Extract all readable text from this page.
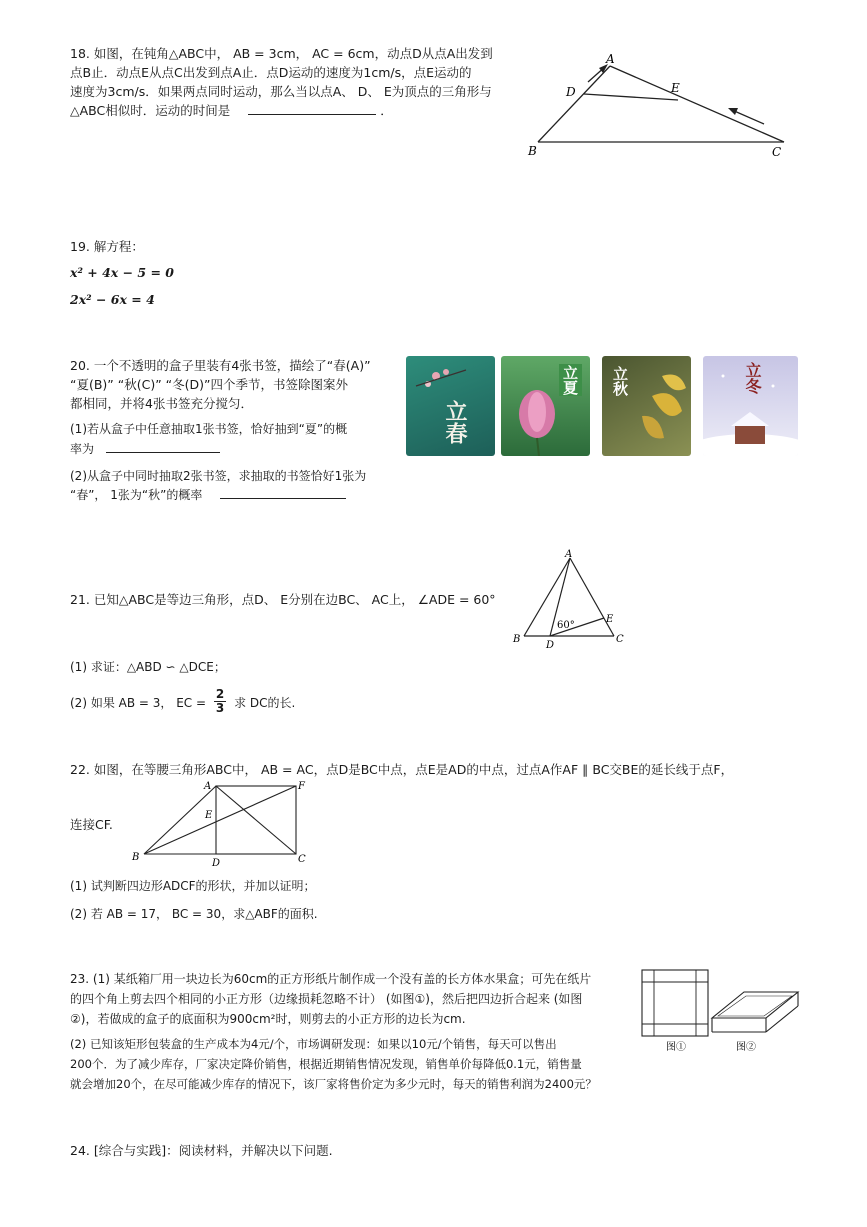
18. 如图，在钝角△ABC中， AB = 3cm， AC = 6cm，动点D从点A出发到
点B止．动点E从点C出发到点A止．点D运动的速度为1cm/s，点E运动的
速度为3cm/s．如果两点同时运动，那么当以点A、 D、 E为顶点的三角形与
△ABC相似时．运动的时间是	．
A
B	C
D	E
19. 解方程：
x² + 4x − 5 = 0
2x² − 6x = 4
20. 一个不透明的盒子里装有4张书签，描绘了“春(A)”
“夏(B)” “秋(C)” “冬(D)”四个季节，书签除图案外
都相同，并将4张书签充分搅匀．
(1)若从盒子中任意抽取1张书签，恰好抽到“夏”的概
率为
(2)从盒子中同时抽取2张书签，求抽取的书签恰好1张为
“春”， 1张为“秋”的概率
立春
立夏 立秋	立冬
21. 已知△ABC是等边三角形，点D、 E分别在边BC、 AC上， ∠ADE = 60°
A
B	C
D
E
60°
(1) 求证：△ABD ∽ △DCE；
(2) 如果 AB = 3， EC = $\frac{2}{3}$ 求 DC的长.
22. 如图，在等腰三角形ABC中， AB = AC，点D是BC中点，点E是AD的中点，过点A作AF ∥ BC交BE的延长线于点F，
连接CF.
A	F
E
B
D	C
(1) 试判断四边形ADCF的形状，并加以证明；
(2) 若 AB = 17， BC = 30，求△ABF的面积.
23. (1) 某纸箱厂用一块边长为60cm的正方形纸片制作成一个没有盖的长方体水果盒；可先在纸片
的四个角上剪去四个相同的小正方形（边缘损耗忽略不计） (如图①)，然后把四边折合起来 (如图
②)，若做成的盒子的底面积为900cm²时，则剪去的小正方形的边长为cm.
(2) 已知该矩形包装盒的生产成本为4元/个，市场调研发现：如果以10元/个销售，每天可以售出
200个．为了减少库存，厂家决定降价销售，根据近期销售情况发现，销售单价每降低0.1元，销售量
就会增加20个，在尽可能减少库存的情况下，该厂家将售价定为多少元时，每天的销售利润为2400元？
图①	图②
24. [综合与实践]：阅读材料，并解决以下问题.
